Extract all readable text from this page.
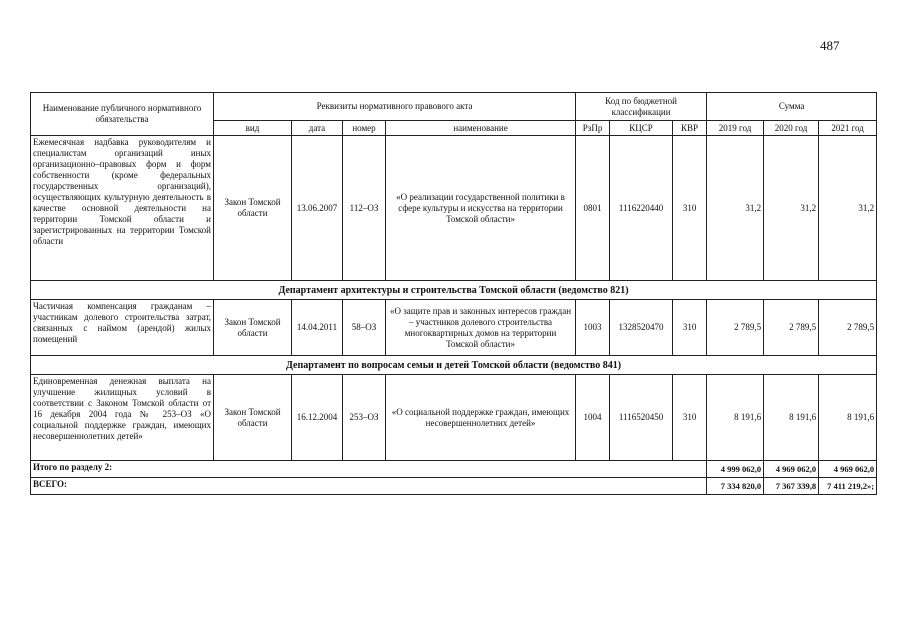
487
Наименование публичного нормативного обязательства	Реквизиты нормативного правового акта				Код по бюджетной классификации			Сумма		
	вид	дата	номер	наименование	РзПр	КЦСР	КВР	2019 год	2020 год	2021 год
Ежемесячная надбавка руководителям и специалистам организаций иных организационно–правовых форм и форм собственности (кроме федеральных государственных организаций), осуществляющих культурную деятельность в качестве основной деятельности на территории Томской области и зарегистрированных на территории Томской области	Закон Томской области	13.06.2007	112–ОЗ	«О реализации государственной политики в сфере культуры и искусства на территории Томской области»	0801	1116220440	310	31,2	31,2	31,2
Департамент архитектуры и строительства Томской области (ведомство 821)										
Частичная компенсация гражданам – участникам долевого строительства затрат, связанных с наймом (арендой) жилых помещений	Закон Томской области	14.04.2011	58–ОЗ	«О защите прав и законных интересов граждан – участников долевого строительства многоквартирных домов на территории Томской области»	1003	1328520470	310	2 789,5	2 789,5	2 789,5
Департамент по вопросам семьи и детей Томской области (ведомство 841)										
Единовременная денежная выплата на улучшение жилищных условий в соответствии с Законом Томской области от 16 декабря 2004 года № 253–ОЗ «О социальной поддержке граждан, имеющих несовершеннолетних детей»	Закон Томской области	16.12.2004	253–ОЗ	«О социальной поддержке граждан, имеющих несовершеннолетних детей»	1004	1116520450	310	8 191,6	8 191,6	8 191,6
Итого по разделу 2:								4 999 062,0	4 969 062,0	4 969 062,0
ВСЕГО:								7 334 820,0	7 367 339,8	7 411 219,2»;
